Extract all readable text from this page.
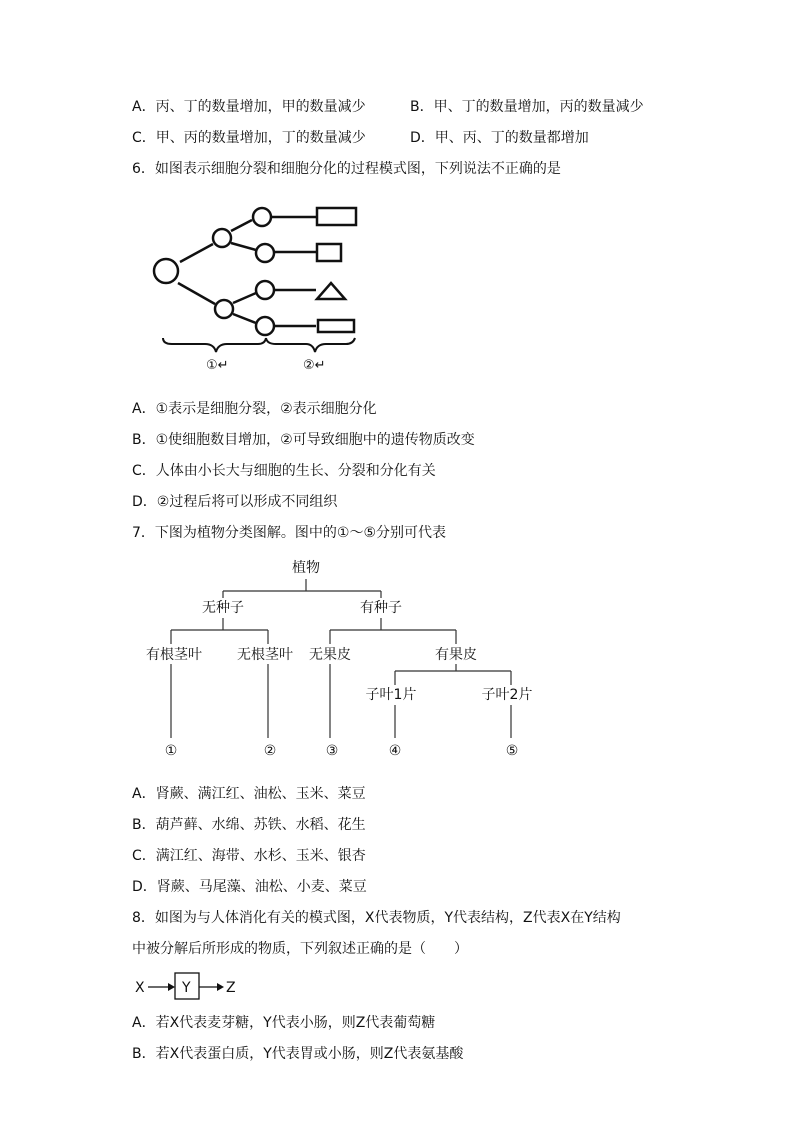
A．丙、丁的数量增加，甲的数量减少	B．甲、丁的数量增加，丙的数量减少
C．甲、丙的数量增加，丁的数量减少	D．甲、丙、丁的数量都增加
6．如图表示细胞分裂和细胞分化的过程模式图，下列说法不正确的是
①↵	②↵
A．①表示是细胞分裂，②表示细胞分化
B．①使细胞数目增加，②可导致细胞中的遗传物质改变
C．人体由小长大与细胞的生长、分裂和分化有关
D．②过程后将可以形成不同组织
7．下图为植物分类图解。图中的①～⑤分别可代表
植物
无种子	有种子
有根茎叶	无根茎叶 无果皮	有果皮
子叶1片	子叶2片
①	②	③	④	⑤
A．肾蕨、满江红、油松、玉米、菜豆
B．葫芦藓、水绵、苏铁、水稻、花生
C．满江红、海带、水杉、玉米、银杏
D．肾蕨、马尾藻、油松、小麦、菜豆
8．如图为与人体消化有关的模式图，X代表物质，Y代表结构，Z代表X在Y结构
中被分解后所形成的物质，下列叙述正确的是（　　）
X	Y	Z
A．若X代表麦芽糖，Y代表小肠，则Z代表葡萄糖
B．若X代表蛋白质，Y代表胃或小肠，则Z代表氨基酸
